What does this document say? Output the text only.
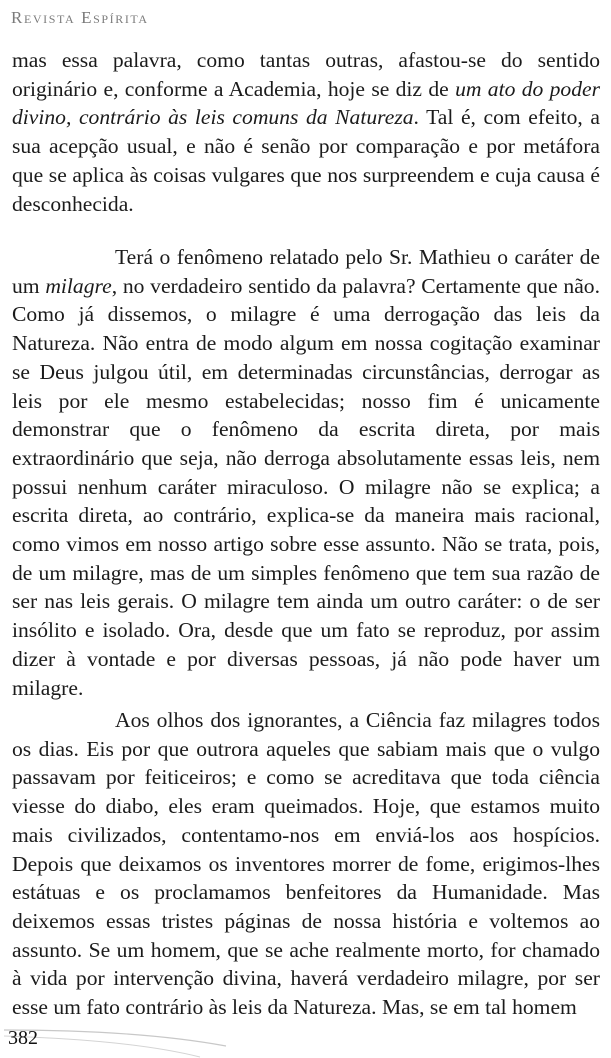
Revista Espírita

mas essa palavra, como tantas outras, afastou-se do sentido originário e, conforme a Academia, hoje se diz de um ato do poder divino, contrário às leis comuns da Natureza. Tal é, com efeito, a sua acepção usual, e não é senão por comparação e por metáfora que se aplica às coisas vulgares que nos surpreendem e cuja causa é desconhecida.

Terá o fenômeno relatado pelo Sr. Mathieu o caráter de um milagre, no verdadeiro sentido da palavra? Certamente que não. Como já dissemos, o milagre é uma derrogação das leis da Natureza. Não entra de modo algum em nossa cogitação examinar se Deus julgou útil, em determinadas circunstâncias, derrogar as leis por ele mesmo estabelecidas; nosso fim é unicamente demonstrar que o fenômeno da escrita direta, por mais extraordinário que seja, não derroga absolutamente essas leis, nem possui nenhum caráter miraculoso. O milagre não se explica; a escrita direta, ao contrário, explica-se da maneira mais racional, como vimos em nosso artigo sobre esse assunto. Não se trata, pois, de um milagre, mas de um simples fenômeno que tem sua razão de ser nas leis gerais. O milagre tem ainda um outro caráter: o de ser insólito e isolado. Ora, desde que um fato se reproduz, por assim dizer à vontade e por diversas pessoas, já não pode haver um milagre.

Aos olhos dos ignorantes, a Ciência faz milagres todos os dias. Eis por que outrora aqueles que sabiam mais que o vulgo passavam por feiticeiros; e como se acreditava que toda ciência viesse do diabo, eles eram queimados. Hoje, que estamos muito mais civilizados, contentamo-nos em enviá-los aos hospícios. Depois que deixamos os inventores morrer de fome, erigimos-lhes estátuas e os proclamamos benfeitores da Humanidade. Mas deixemos essas tristes páginas de nossa história e voltemos ao assunto. Se um homem, que se ache realmente morto, for chamado à vida por intervenção divina, haverá verdadeiro milagre, por ser esse um fato contrário às leis da Natureza. Mas, se em tal homem

382
